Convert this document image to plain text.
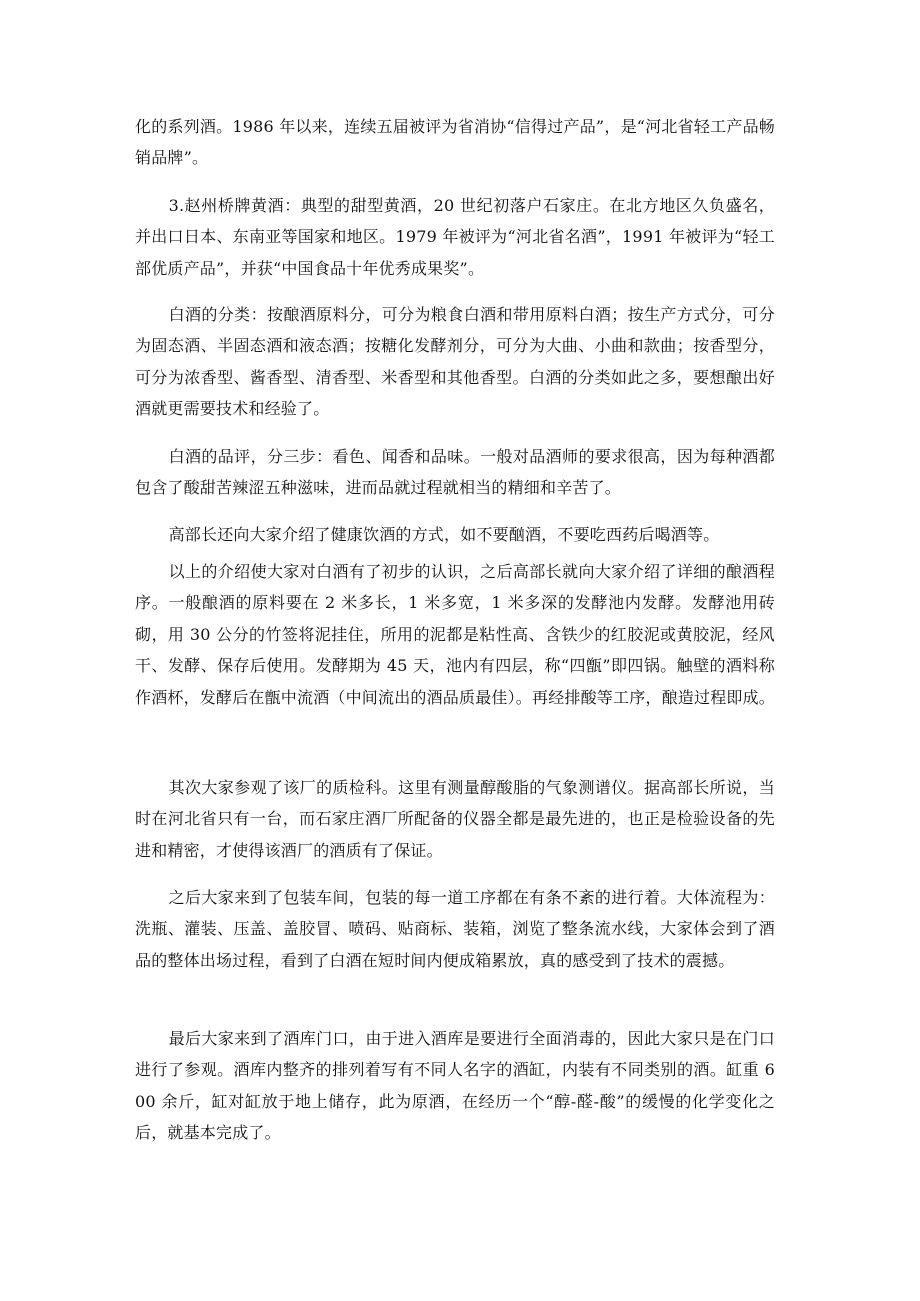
化的系列酒。1986 年以来，连续五届被评为省消协“信得过产品”，是“河北省轻工产品畅销品牌”。

3.赵州桥牌黄酒：典型的甜型黄酒，20 世纪初落户石家庄。在北方地区久负盛名，并出口日本、东南亚等国家和地区。1979 年被评为“河北省名酒”，1991 年被评为“轻工部优质产品”，并获“中国食品十年优秀成果奖”。

白酒的分类：按酿酒原料分，可分为粮食白酒和带用原料白酒；按生产方式分，可分为固态酒、半固态酒和液态酒；按糖化发酵剂分，可分为大曲、小曲和款曲；按香型分，可分为浓香型、酱香型、清香型、米香型和其他香型。白酒的分类如此之多，要想酿出好酒就更需要技术和经验了。

白酒的品评，分三步：看色、闻香和品味。一般对品酒师的要求很高，因为每种酒都包含了酸甜苦辣涩五种滋味，进而品就过程就相当的精细和辛苦了。

高部长还向大家介绍了健康饮酒的方式，如不要酗酒，不要吃西药后喝酒等。

以上的介绍使大家对白酒有了初步的认识，之后高部长就向大家介绍了详细的酿酒程序。一般酿酒的原料要在 2 米多长，1 米多宽，1 米多深的发酵池内发酵。发酵池用砖砌，用 30 公分的竹签将泥挂住，所用的泥都是粘性高、含铁少的红胶泥或黄胶泥，经风干、发酵、保存后使用。发酵期为 45 天，池内有四层，称“四甑”即四锅。触壁的酒料称作酒杯，发酵后在甑中流酒（中间流出的酒品质最佳）。再经排酸等工序，酿造过程即成。

其次大家参观了该厂的质检科。这里有测量醇酸脂的气象测谱仪。据高部长所说，当时在河北省只有一台，而石家庄酒厂所配备的仪器全都是最先进的，也正是检验设备的先进和精密，才使得该酒厂的酒质有了保证。

之后大家来到了包装车间，包装的每一道工序都在有条不紊的进行着。大体流程为：洗瓶、灌装、压盖、盖胶冒、喷码、贴商标、装箱，浏览了整条流水线，大家体会到了酒品的整体出场过程，看到了白酒在短时间内便成箱累放，真的感受到了技术的震撼。

最后大家来到了酒库门口，由于进入酒库是要进行全面消毒的，因此大家只是在门口进行了参观。酒库内整齐的排列着写有不同人名字的酒缸，内装有不同类别的酒。缸重 600 余斤，缸对缸放于地上储存，此为原酒，在经历一个“醇-醛-酸”的缓慢的化学变化之后，就基本完成了。
